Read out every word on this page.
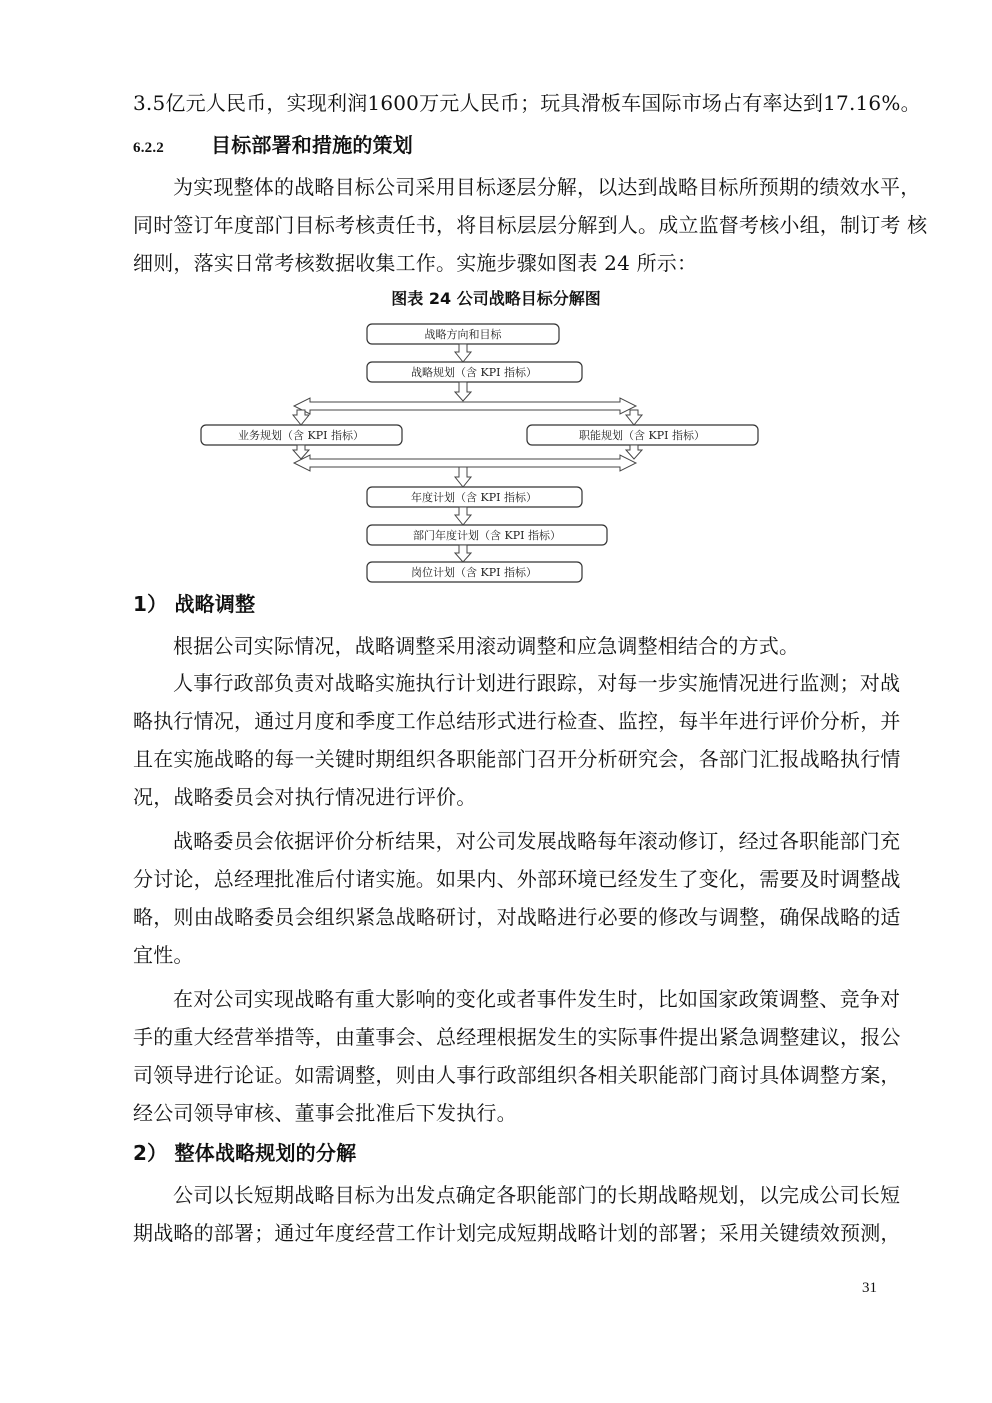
3.5亿元人民币，实现利润1600万元人民币；玩具滑板车国际市场占有率达到17.16%。
6.2.2 目标部署和措施的策划
为实现整体的战略目标公司采用目标逐层分解，以达到战略目标所预期的绩效水平，
同时签订年度部门目标考核责任书，将目标层层分解到人。成立监督考核小组，制订考 核
细则，落实日常考核数据收集工作。实施步骤如图表 24 所示：
图表 24 公司战略目标分解图
战略方向和目标
战略规划（含 KPI 指标）
业务规划（含 KPI 指标）	职能规划（含 KPI 指标）
年度计划（含 KPI 指标）
部门年度计划（含 KPI 指标）
岗位计划（含 KPI 指标）
1） 战略调整
根据公司实际情况，战略调整采用滚动调整和应急调整相结合的方式。
人事行政部负责对战略实施执行计划进行跟踪，对每一步实施情况进行监测；对战
略执行情况，通过月度和季度工作总结形式进行检查、监控，每半年进行评价分析，并
且在实施战略的每一关键时期组织各职能部门召开分析研究会，各部门汇报战略执行情
况，战略委员会对执行情况进行评价。
战略委员会依据评价分析结果，对公司发展战略每年滚动修订，经过各职能部门充
分讨论，总经理批准后付诸实施。如果内、外部环境已经发生了变化，需要及时调整战
略，则由战略委员会组织紧急战略研讨，对战略进行必要的修改与调整，确保战略的适
宜性。
在对公司实现战略有重大影响的变化或者事件发生时，比如国家政策调整、竞争对
手的重大经营举措等，由董事会、总经理根据发生的实际事件提出紧急调整建议，报公
司领导进行论证。如需调整，则由人事行政部组织各相关职能部门商讨具体调整方案，
经公司领导审核、董事会批准后下发执行。
2） 整体战略规划的分解
公司以长短期战略目标为出发点确定各职能部门的长期战略规划，以完成公司长短
期战略的部署；通过年度经营工作计划完成短期战略计划的部署；采用关键绩效预测，
31
